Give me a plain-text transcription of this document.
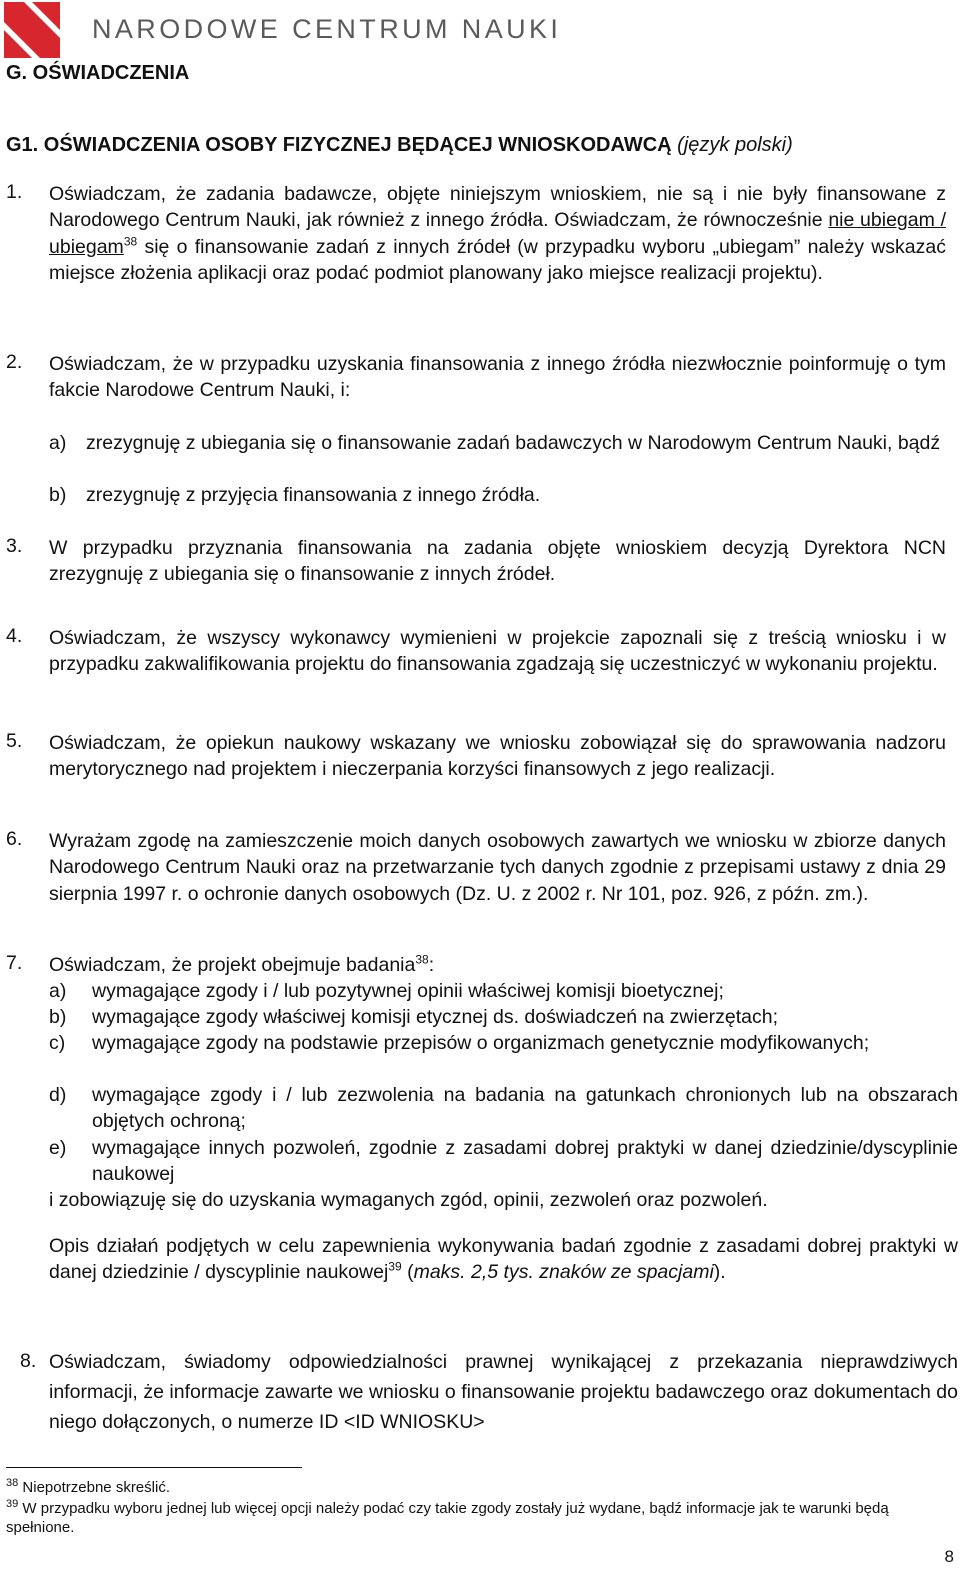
NARODOWE CENTRUM NAUKI
G. OŚWIADCZENIA
G1. OŚWIADCZENIA OSOBY FIZYCZNEJ BĘDĄCEJ WNIOSKODAWCĄ (język polski)
1. Oświadczam, że zadania badawcze, objęte niniejszym wnioskiem, nie są i nie były finansowane z Narodowego Centrum Nauki, jak również z innego źródła. Oświadczam, że równocześnie nie ubiegam / ubiegam$^{38}$ się o finansowanie zadań z innych źródeł (w przypadku wyboru „ubiegam” należy wskazać miejsce złożenia aplikacji oraz podać podmiot planowany jako miejsce realizacji projektu).
2. Oświadczam, że w przypadku uzyskania finansowania z innego źródła niezwłocznie poinformuję o tym fakcie Narodowe Centrum Nauki, i:
a) zrezygnuję z ubiegania się o finansowanie zadań badawczych w Narodowym Centrum Nauki, bądź
b) zrezygnuję z przyjęcia finansowania z innego źródła.
3. W przypadku przyznania finansowania na zadania objęte wnioskiem decyzją Dyrektora NCN zrezygnuję z ubiegania się o finansowanie z innych źródeł.
4. Oświadczam, że wszyscy wykonawcy wymienieni w projekcie zapoznali się z treścią wniosku i w przypadku zakwalifikowania projektu do finansowania zgadzają się uczestniczyć w wykonaniu projektu.
5. Oświadczam, że opiekun naukowy wskazany we wniosku zobowiązał się do sprawowania nadzoru merytorycznego nad projektem i nieczerpania korzyści finansowych z jego realizacji.
6. Wyrażam zgodę na zamieszczenie moich danych osobowych zawartych we wniosku w zbiorze danych Narodowego Centrum Nauki oraz na przetwarzanie tych danych zgodnie z przepisami ustawy z dnia 29 sierpnia 1997 r. o ochronie danych osobowych (Dz. U. z 2002 r. Nr 101, poz. 926, z późn. zm.).
7. Oświadczam, że projekt obejmuje badania$^{38}$:
a) wymagające zgody i / lub pozytywnej opinii właściwej komisji bioetycznej;
b) wymagające zgody właściwej komisji etycznej ds. doświadczeń na zwierzętach;
c) wymagające zgody na podstawie przepisów o organizmach genetycznie modyfikowanych;
d) wymagające zgody i / lub zezwolenia na badania na gatunkach chronionych lub na obszarach objętych ochroną;
e) wymagające innych pozwoleń, zgodnie z zasadami dobrej praktyki w danej dziedzinie/dyscyplinie naukowej
i zobowiązuję się do uzyskania wymaganych zgód, opinii, zezwoleń oraz pozwoleń.
Opis działań podjętych w celu zapewnienia wykonywania badań zgodnie z zasadami dobrej praktyki w danej dziedzinie / dyscyplinie naukowej$^{39}$ (maks. 2,5 tys. znaków ze spacjami).
8. Oświadczam, świadomy odpowiedzialności prawnej wynikającej z przekazania nieprawdziwych informacji, że informacje zawarte we wniosku o finansowanie projektu badawczego oraz dokumentach do niego dołączonych, o numerze ID <ID WNIOSKU>
$^{38}$ Niepotrzebne skreślić.
$^{39}$ W przypadku wyboru jednej lub więcej opcji należy podać czy takie zgody zostały już wydane, bądź informacje jak te warunki będą spełnione.
8
